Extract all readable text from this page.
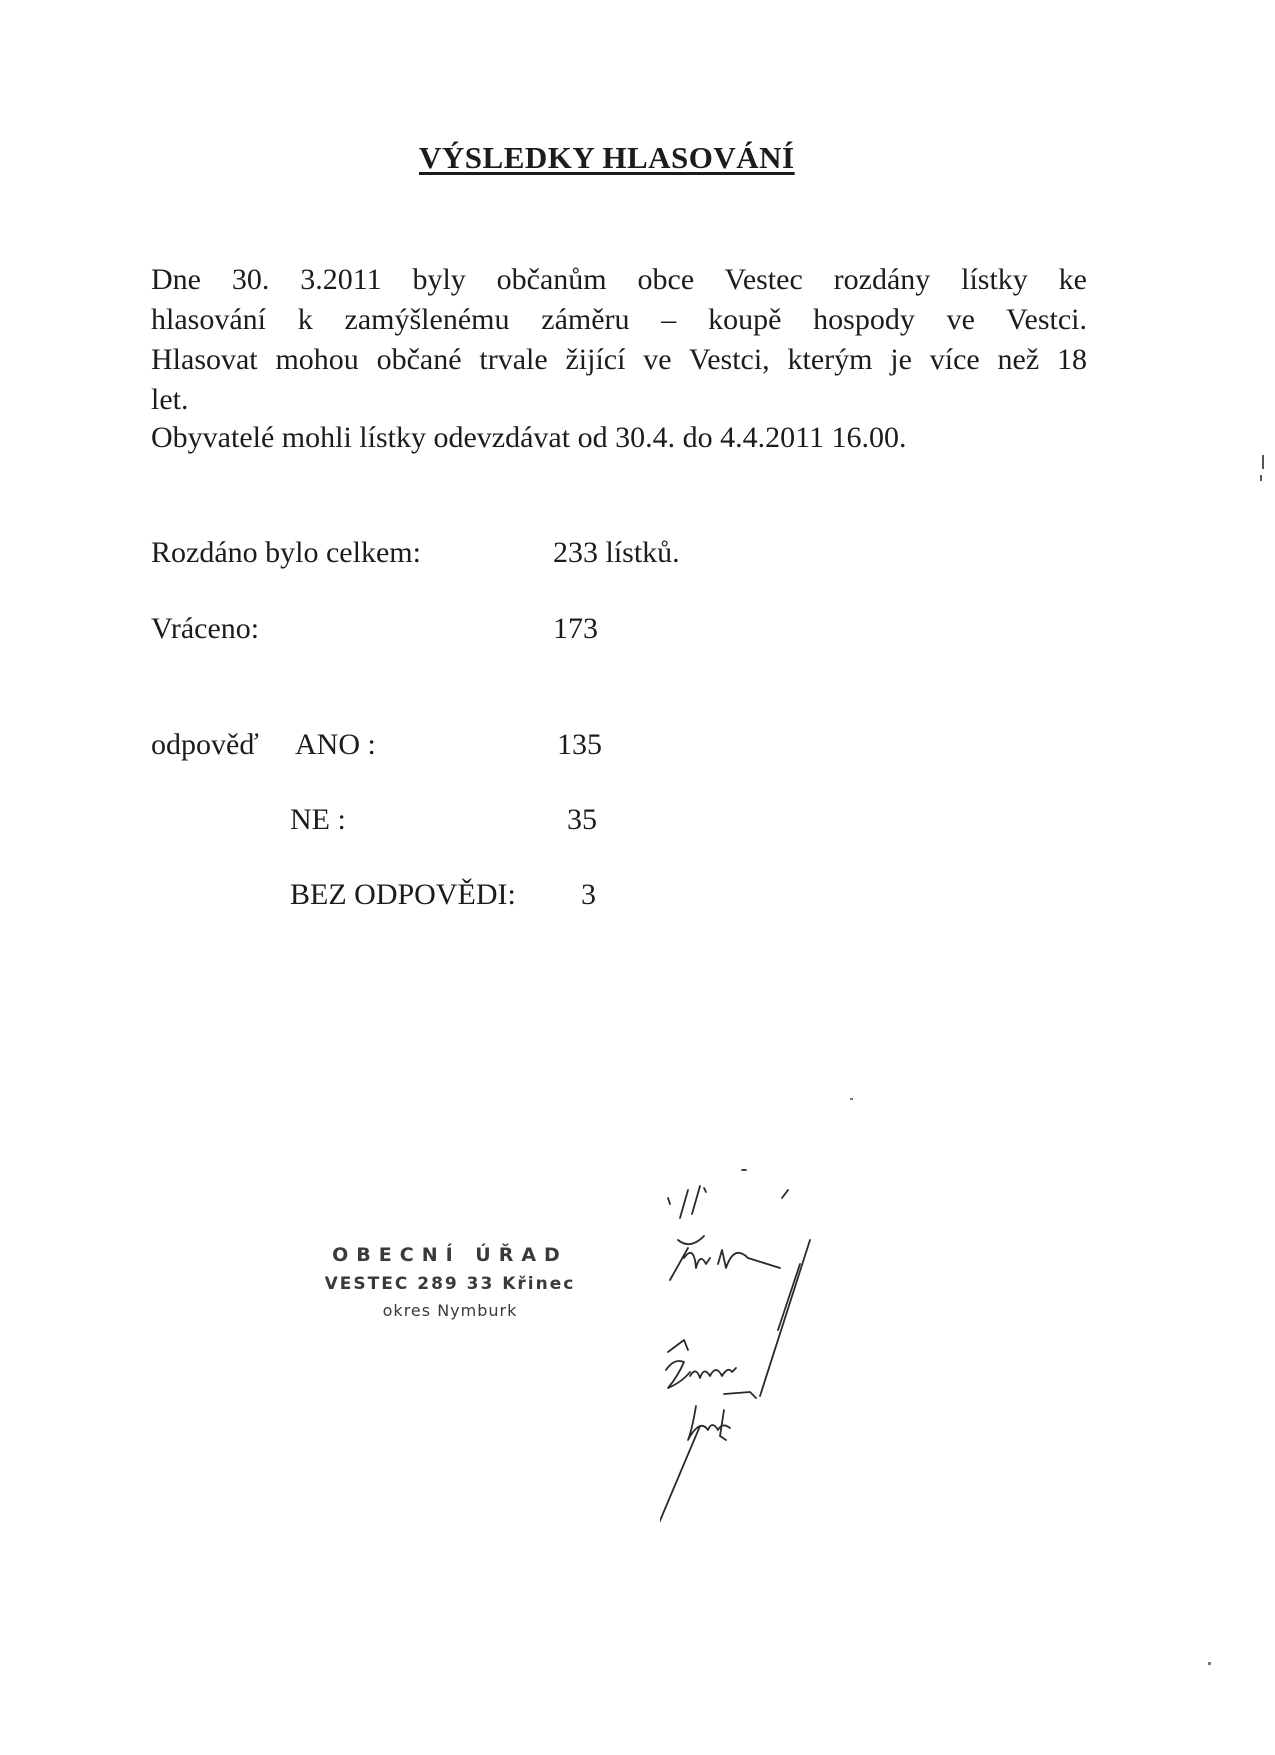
VÝSLEDKY HLASOVÁNÍ
Dne 30. 3.2011 byly občanům obce Vestec rozdány lístky ke
hlasování k zamýšlenému záměru – koupě hospody ve Vestci.
Hlasovat mohou občané trvale žijící ve Vestci, kterým je více než 18
let.
Obyvatelé mohli lístky odevzdávat od 30.4. do 4.4.2011 16.00.
Rozdáno bylo celkem:	233 lístků.
Vráceno:	173
odpověď ANO :	135
NE :	35
BEZ ODPOVĚDI: 3
OBECNÍ ÚŘAD
VESTEC 289 33 Křinec
okres Nymburk
